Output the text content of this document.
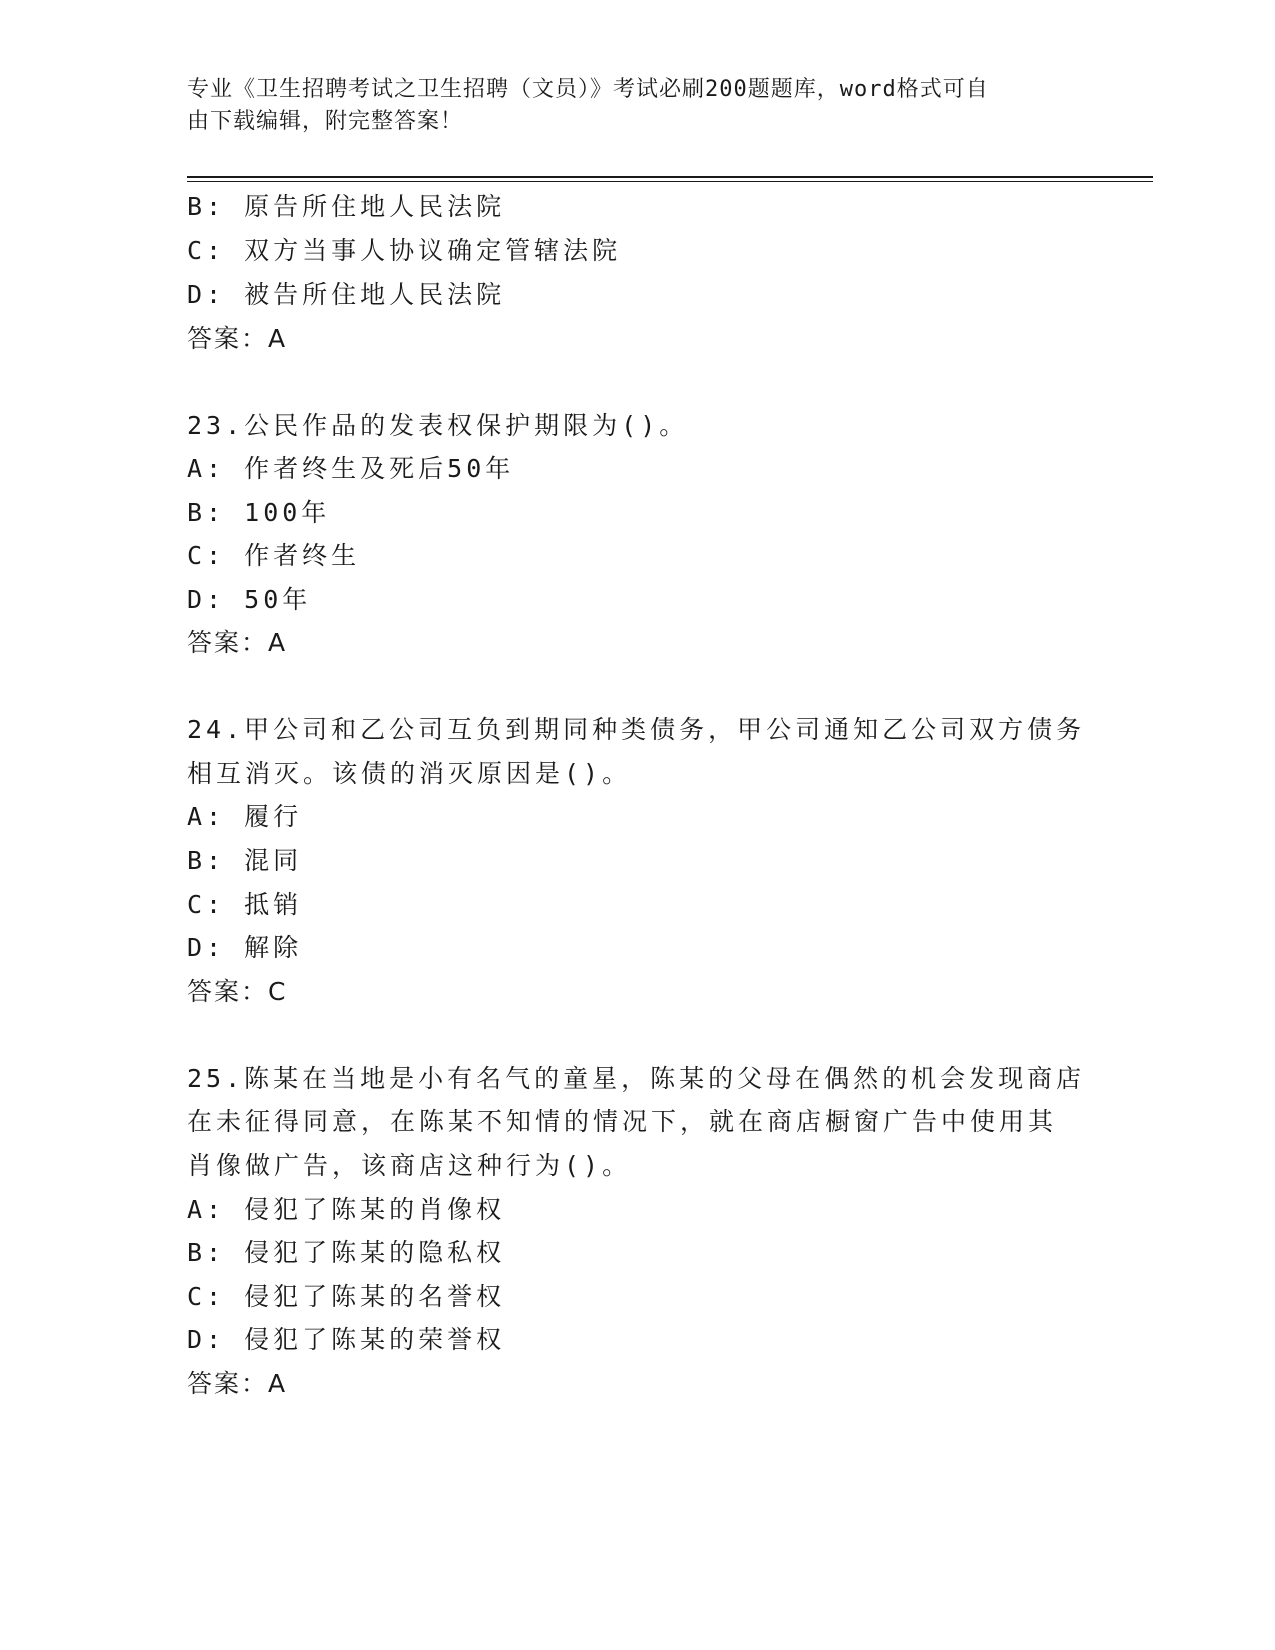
专业《卫生招聘考试之卫生招聘（文员）》考试必刷200题题库，word格式可自
由下载编辑，附完整答案！
B: 原告所住地人民法院
C: 双方当事人协议确定管辖法院
D: 被告所住地人民法院
答案：A
23.公民作品的发表权保护期限为()。
A: 作者终生及死后50年
B: 100年
C: 作者终生
D: 50年
答案：A
24.甲公司和乙公司互负到期同种类债务，甲公司通知乙公司双方债务
相互消灭。该债的消灭原因是()。
A: 履行
B: 混同
C: 抵销
D: 解除
答案：C
25.陈某在当地是小有名气的童星，陈某的父母在偶然的机会发现商店
在未征得同意，在陈某不知情的情况下，就在商店橱窗广告中使用其
肖像做广告，该商店这种行为()。
A: 侵犯了陈某的肖像权
B: 侵犯了陈某的隐私权
C: 侵犯了陈某的名誉权
D: 侵犯了陈某的荣誉权
答案：A
